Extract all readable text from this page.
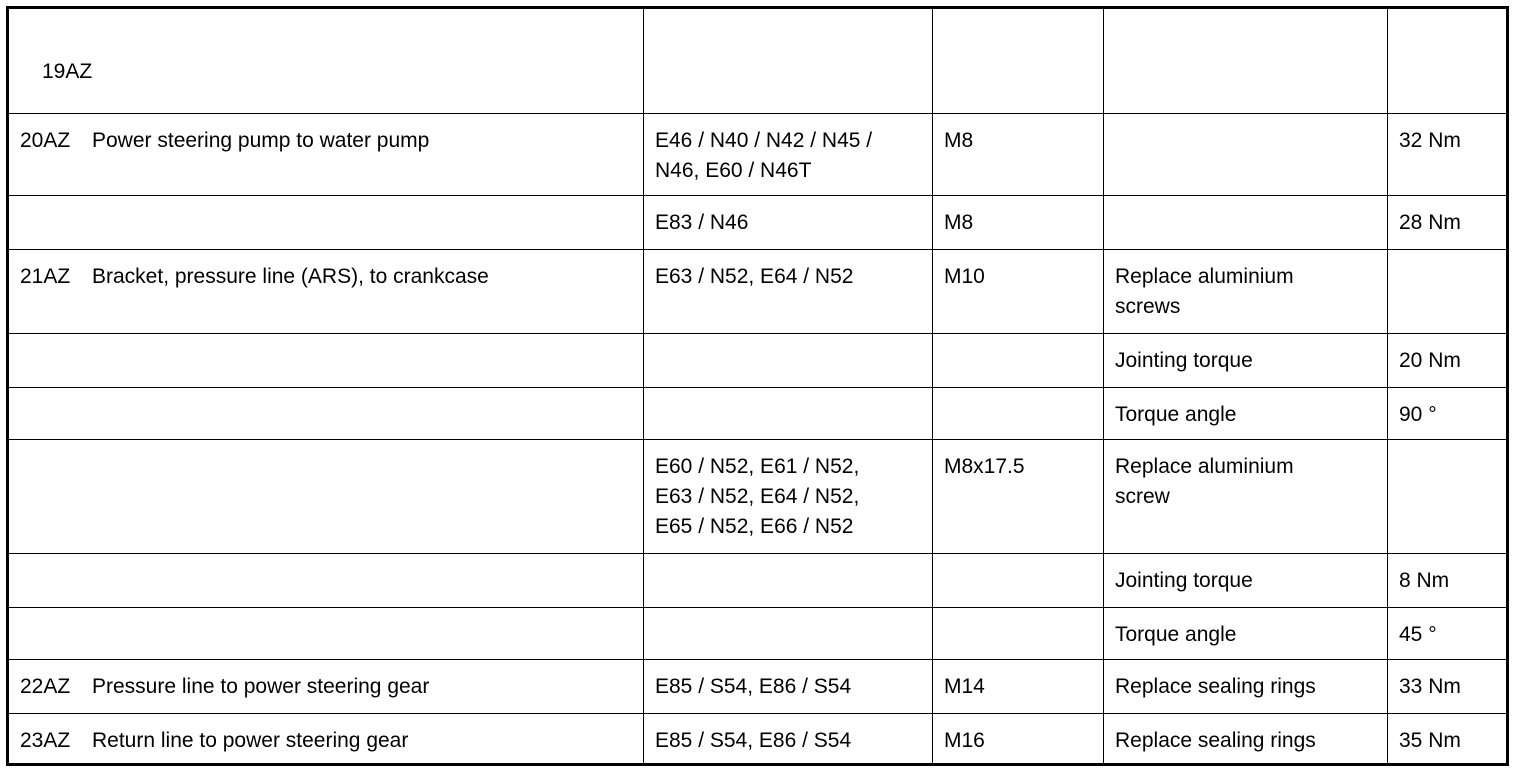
19AZ				
20AZ Power steering pump to water pump	E46 / N40 / N42 / N45 /
N46, E60 / N46T	M8		32 Nm
	E83 / N46	M8		28 Nm
21AZ Bracket, pressure line (ARS), to crankcase	E63 / N52, E64 / N52	M10	Replace aluminium
screws	
			Jointing torque	20 Nm
			Torque angle	90 °
	E60 / N52, E61 / N52,
E63 / N52, E64 / N52,
E65 / N52, E66 / N52	M8x17.5	Replace aluminium
screw	
			Jointing torque	8 Nm
			Torque angle	45 °
22AZ Pressure line to power steering gear	E85 / S54, E86 / S54	M14	Replace sealing rings	33 Nm
23AZ Return line to power steering gear	E85 / S54, E86 / S54	M16	Replace sealing rings	35 Nm
